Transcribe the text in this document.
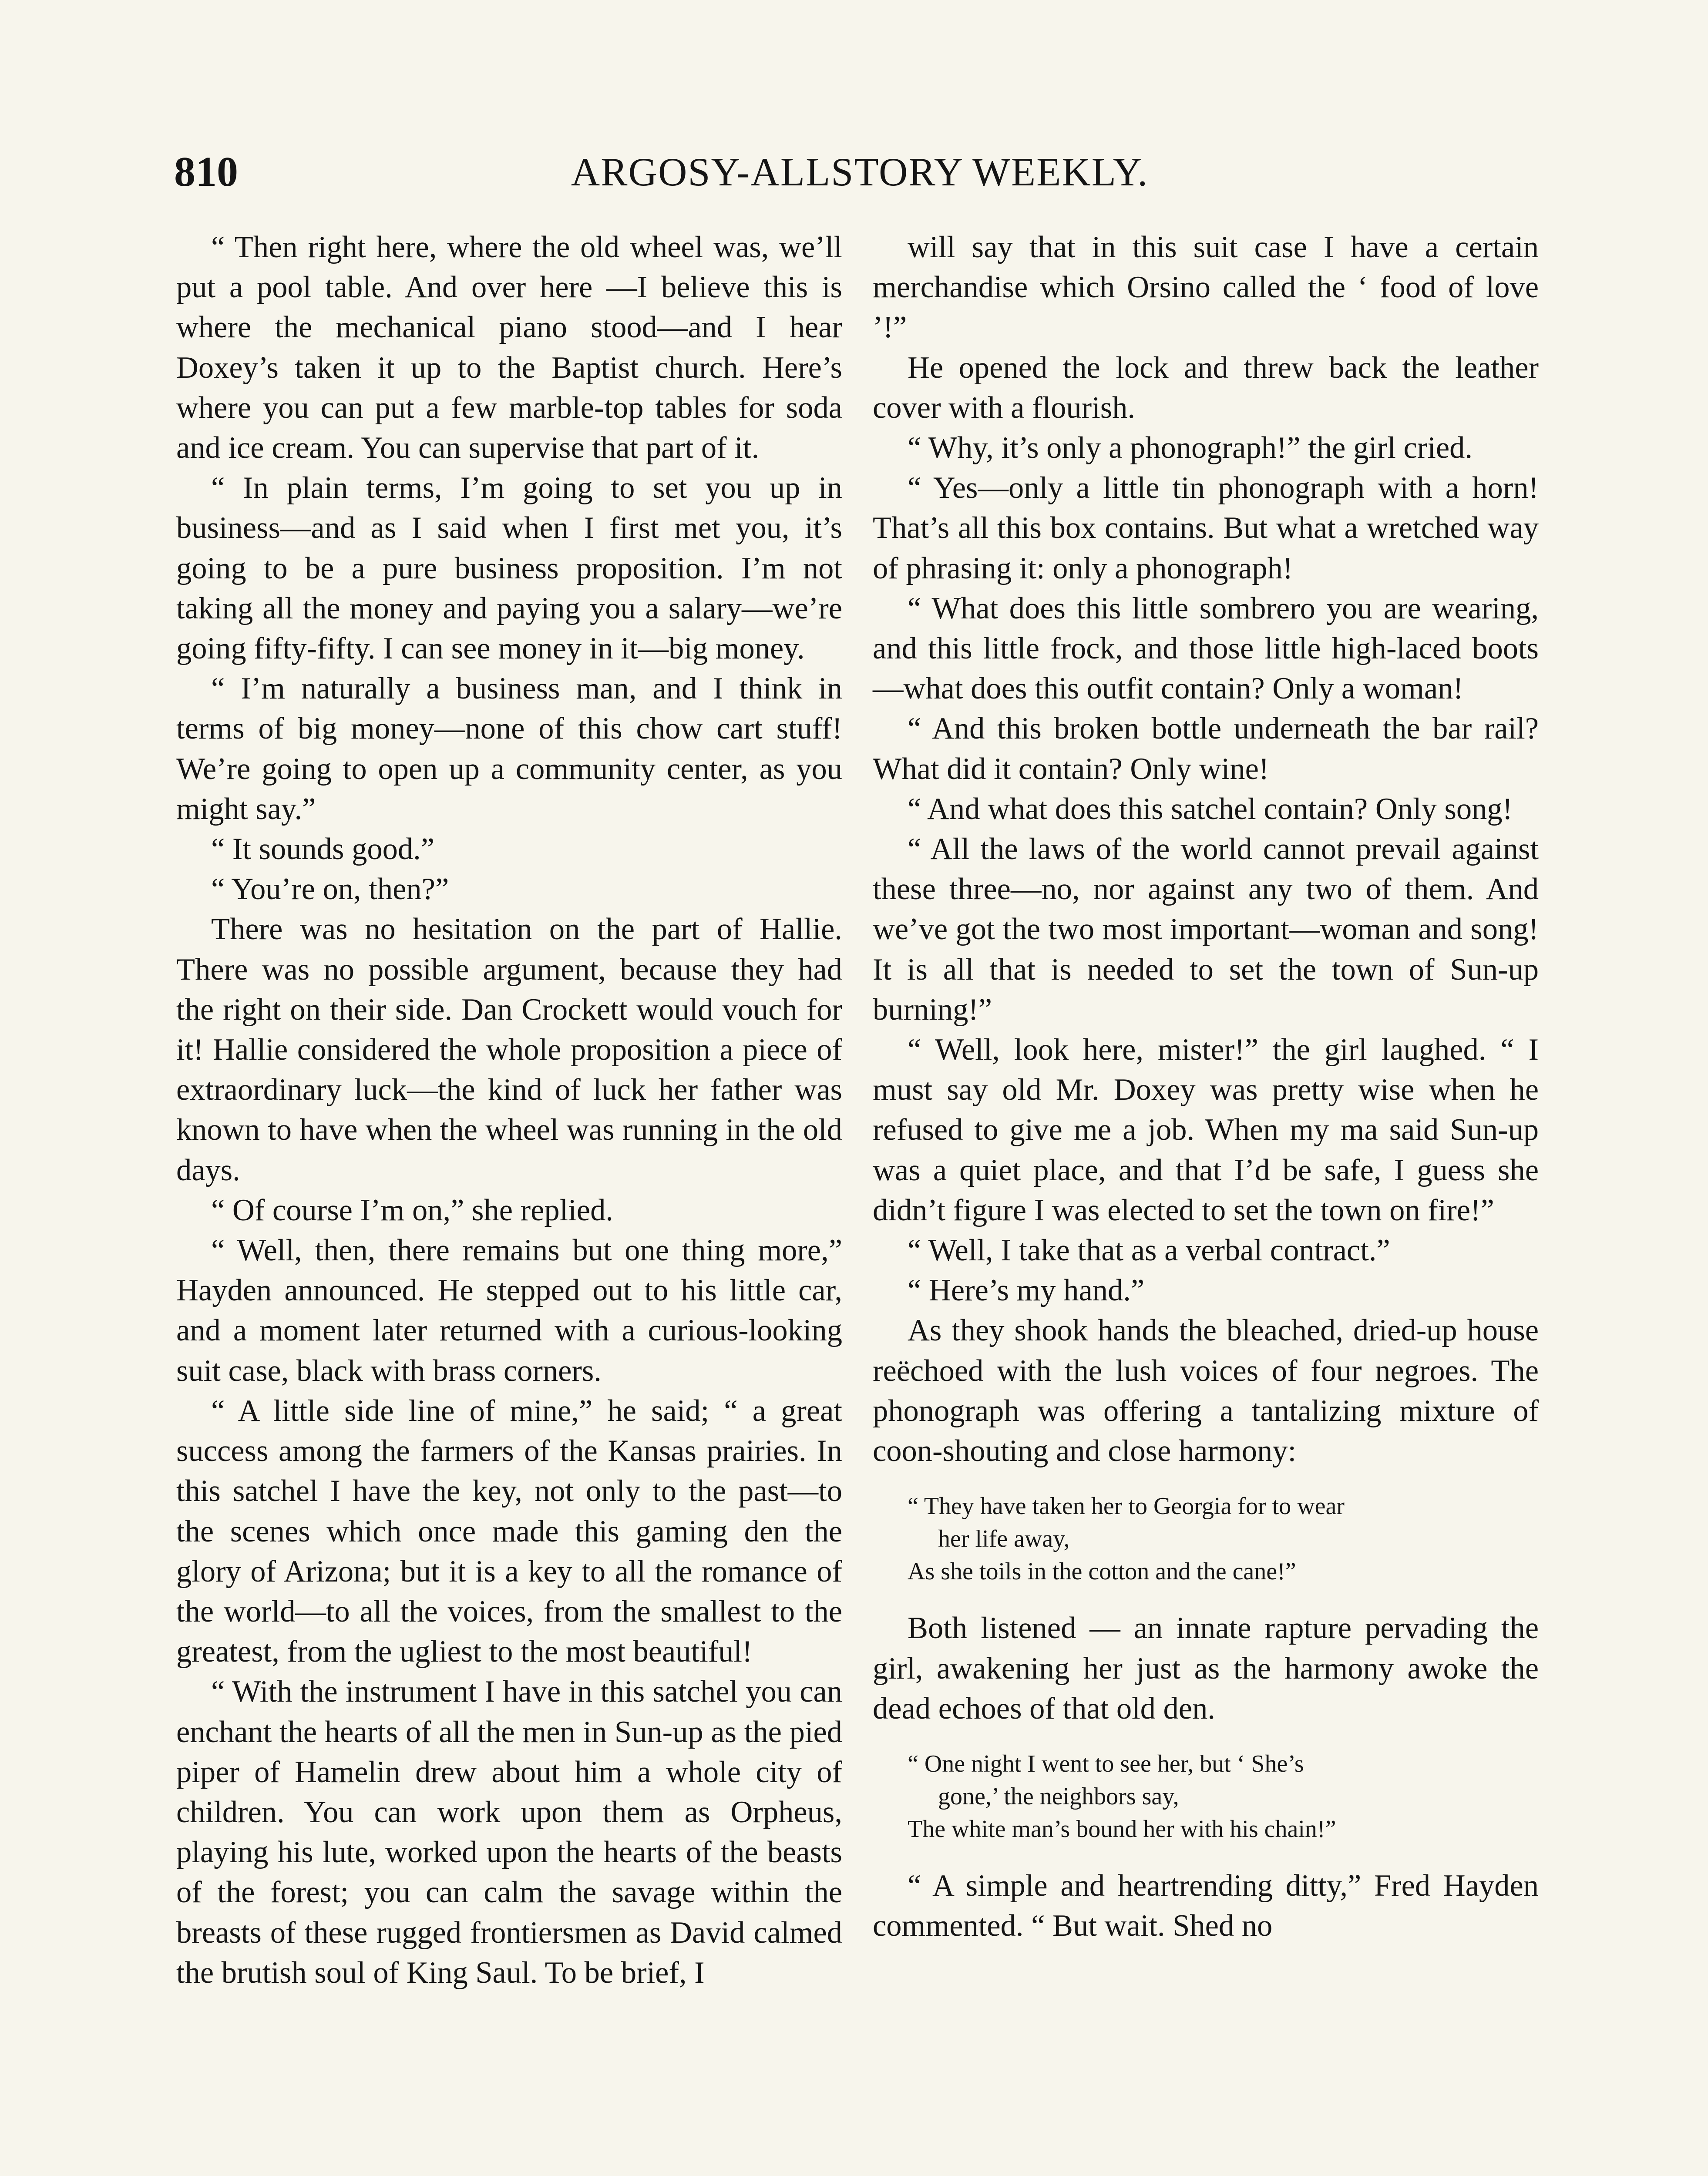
810	ARGOSY-ALLSTORY WEEKLY.

“ Then right here, where the old wheel was, we’ll put a pool table. And over here —I believe this is where the mechanical piano stood—and I hear Doxey’s taken it up to the Baptist church. Here’s where you can put a few marble-top tables for soda and ice cream. You can supervise that part of it.

“ In plain terms, I’m going to set you up in business—and as I said when I first met you, it’s going to be a pure business proposition. I’m not taking all the money and paying you a salary—we’re going fifty-fifty. I can see money in it—big money.

“ I’m naturally a business man, and I think in terms of big money—none of this chow cart stuff! We’re going to open up a community center, as you might say.”

“ It sounds good.”

“ You’re on, then?”

There was no hesitation on the part of Hallie. There was no possible argument, because they had the right on their side. Dan Crockett would vouch for it! Hallie considered the whole proposition a piece of extraordinary luck—the kind of luck her father was known to have when the wheel was running in the old days.

“ Of course I’m on,” she replied.

“ Well, then, there remains but one thing more,” Hayden announced. He stepped out to his little car, and a moment later returned with a curious-looking suit case, black with brass corners.

“ A little side line of mine,” he said; “ a great success among the farmers of the Kansas prairies. In this satchel I have the key, not only to the past—to the scenes which once made this gaming den the glory of Arizona; but it is a key to all the romance of the world—to all the voices, from the smallest to the greatest, from the ugliest to the most beautiful!

“ With the instrument I have in this satchel you can enchant the hearts of all the men in Sun-up as the pied piper of Hamelin drew about him a whole city of children. You can work upon them as Orpheus, playing his lute, worked upon the hearts of the beasts of the forest; you can calm the savage within the breasts of these rugged frontiersmen as David calmed the brutish soul of King Saul. To be brief, I

will say that in this suit case I have a certain merchandise which Orsino called the ‘ food of love ’!”

He opened the lock and threw back the leather cover with a flourish.

“ Why, it’s only a phonograph!” the girl cried.

“ Yes—only a little tin phonograph with a horn! That’s all this box contains. But what a wretched way of phrasing it: only a phonograph!

“ What does this little sombrero you are wearing, and this little frock, and those little high-laced boots—what does this outfit contain? Only a woman!

“ And this broken bottle underneath the bar rail? What did it contain? Only wine!

“ And what does this satchel contain? Only song!

“ All the laws of the world cannot prevail against these three—no, nor against any two of them. And we’ve got the two most important—woman and song! It is all that is needed to set the town of Sun-up burning!”

“ Well, look here, mister!” the girl laughed. “ I must say old Mr. Doxey was pretty wise when he refused to give me a job. When my ma said Sun-up was a quiet place, and that I’d be safe, I guess she didn’t figure I was elected to set the town on fire!”

“ Well, I take that as a verbal contract.”

“ Here’s my hand.”

As they shook hands the bleached, dried-up house reëchoed with the lush voices of four negroes. The phonograph was offering a tantalizing mixture of coon-shouting and close harmony:

“ They have taken her to Georgia for to wear

her life away,

As she toils in the cotton and the cane!”

Both listened — an innate rapture pervading the girl, awakening her just as the harmony awoke the dead echoes of that old den.

“ One night I went to see her, but ‘ She’s

gone,’ the neighbors say,

The white man’s bound her with his chain!”

“ A simple and heartrending ditty,” Fred Hayden commented. “ But wait. Shed no
